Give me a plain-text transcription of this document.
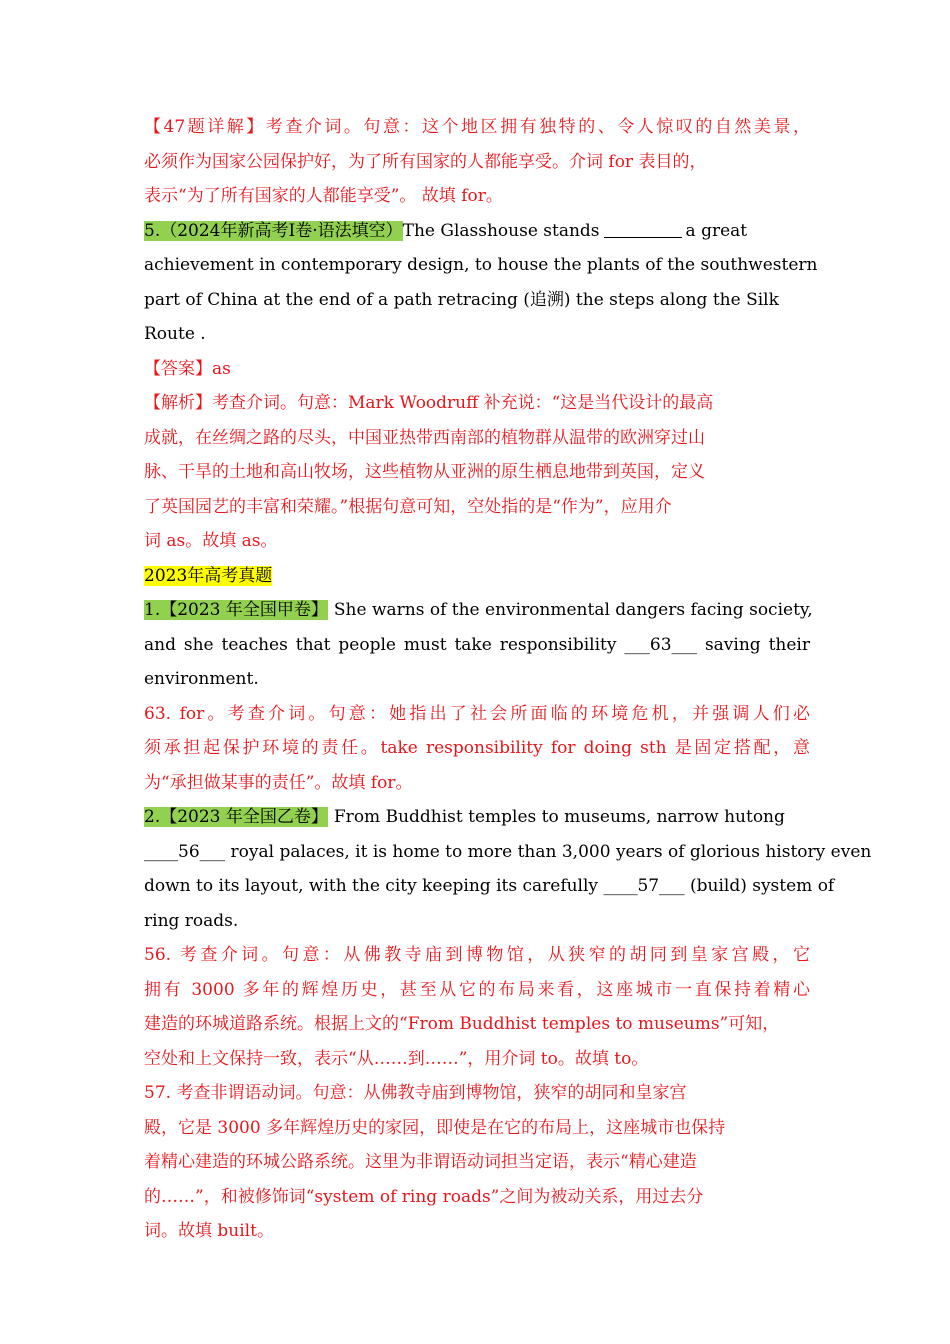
【47题详解】考查介词。句意：这个地区拥有独特的、令人惊叹的自然美景，
必须作为国家公园保护好，为了所有国家的人都能享受。介词 for 表目的，
表示“为了所有国家的人都能享受”。 故填 for。
5.（2024年新高考I卷·语法填空）The Glasshouse stands	a great
achievement in contemporary design, to house the plants of the southwestern
part of China at the end of a path retracing (追溯) the steps along the Silk
Route .
【答案】as
【解析】考查介词。句意：Mark Woodruff 补充说：“这是当代设计的最高
成就，在丝绸之路的尽头，中国亚热带西南部的植物群从温带的欧洲穿过山
脉、干旱的土地和高山牧场，这些植物从亚洲的原生栖息地带到英国，定义
了英国园艺的丰富和荣耀。”根据句意可知，空处指的是“作为”，应用介
词 as。故填 as。
2023年高考真题
1.【2023 年全国甲卷】 She warns of the environmental dangers facing society,
and she teaches that people must take responsibility ___63___ saving their
environment.
63. for。考查介词。句意：她指出了社会所面临的环境危机，并强调人们必
须承担起保护环境的责任。take responsibility for doing sth 是固定搭配，意
为“承担做某事的责任”。故填 for。
2.【2023 年全国乙卷】 From Buddhist temples to museums, narrow hutong
____56___ royal palaces, it is home to more than 3,000 years of glorious history even
down to its layout, with the city keeping its carefully ____57___ (build) system of
ring roads.
56. 考查介词。句意：从佛教寺庙到博物馆，从狭窄的胡同到皇家宫殿，它
拥有 3000 多年的辉煌历史，甚至从它的布局来看，这座城市一直保持着精心
建造的环城道路系统。根据上文的“From Buddhist temples to museums”可知，
空处和上文保持一致，表示“从……到……”，用介词 to。故填 to。
57. 考查非谓语动词。句意：从佛教寺庙到博物馆，狭窄的胡同和皇家宫
殿，它是 3000 多年辉煌历史的家园，即使是在它的布局上，这座城市也保持
着精心建造的环城公路系统。这里为非谓语动词担当定语，表示“精心建造
的……”，和被修饰词“system of ring roads”之间为被动关系，用过去分
词。故填 built。
